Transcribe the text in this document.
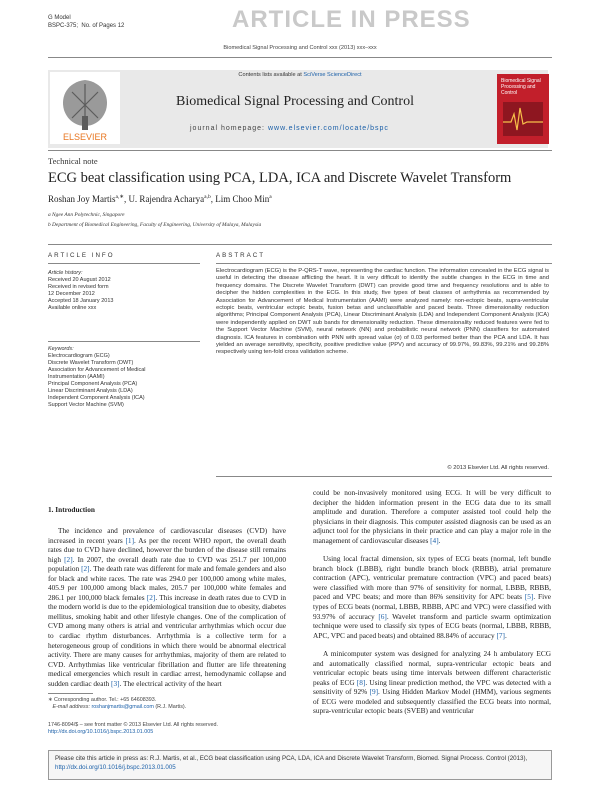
G Model
BSPC-375; No. of Pages 12	ARTICLE IN PRESS
Biomedical Signal Processing and Control xxx (2013) xxx–xxx
ELSEVIER
Contents lists available at SciVerse ScienceDirect
Biomedical Signal Processing and Control
journal homepage: www.elsevier.com/locate/bspc
Biomedical Signal Processing and Control
Technical note
ECG beat classification using PCA, LDA, ICA and Discrete Wavelet Transform
Roshan Joy Martis$^{a,∗}$, U. Rajendra Acharya$^{a,b}$, Lim Choo Min$^a$
a Ngee Ann Polytechnic, Singapore
b Department of Biomedical Engineering, Faculty of Engineering, University of Malaya, Malaysia
ARTICLE INFO	ABSTRACT
Article history:
Received 20 August 2012
Received in revised form
12 December 2012
Accepted 18 January 2013
Available online xxx
Keywords:
Electrocardiogram (ECG)
Discrete Wavelet Transform (DWT)
Association for Advancement of Medical
Instrumentation (AAMI)
Principal Component Analysis (PCA)
Linear Discriminant Analysis (LDA)
Independent Component Analysis (ICA)
Support Vector Machine (SVM)
Electrocardiogram (ECG) is the P-QRS-T wave, representing the cardiac function. The information concealed in the ECG signal is useful in detecting the disease afflicting the heart. It is very difficult to identify the subtle changes in the ECG in time and frequency domains. The Discrete Wavelet Transform (DWT) can provide good time and frequency resolutions and is able to decipher the hidden complexities in the ECG. In this study, five types of beat classes of arrhythmia as recommended by Association for Advancement of Medical Instrumentation (AAMI) were analyzed namely: non-ectopic beats, supra-ventricular ectopic beats, ventricular ectopic beats, fusion betas and unclassifiable and paced beats. Three dimensionality reduction algorithms; Principal Component Analysis (PCA), Linear Discriminant Analysis (LDA) and Independent Component Analysis (ICA) were independently applied on DWT sub bands for dimensionality reduction. These dimensionality reduced features were fed to the Support Vector Machine (SVM), neural network (NN) and probabilistic neural network (PNN) classifiers for automated diagnosis. ICA features in combination with PNN with spread value (σ) of 0.03 performed better than the PCA and LDA. It has yielded an average sensitivity, specificity, positive predictive value (PPV) and accuracy of 99.97%, 99.83%, 99.21% and 99.28% respectively using ten-fold cross validation scheme.
© 2013 Elsevier Ltd. All rights reserved.
1. Introduction

The incidence and prevalence of cardiovascular diseases (CVD) have increased in recent years [1]. As per the recent WHO report, the overall death rates due to CVD have declined, however the burden of the disease still remains high [2]. In 2007, the overall death rate due to CVD was 251.7 per 100,000 population [2]. The death rate was different for male and female genders and also for black and white races. The rate was 294.0 per 100,000 among white males, 405.9 per 100,000 among black males, 205.7 per 100,000 white females and 286.1 per 100,000 black females [2]. This increase in death rates due to CVD in the modern world is due to the epidemiological transition due to obesity, diabetes mellitus, smoking habit and other lifestyle changes. One of the complication of CVD among many others is atrial and ventricular arrhythmias which occur due to cardiac rhythm disturbances. Arrhythmia is a collective term for a heterogeneous group of conditions in which there would be abnormal electrical activity. There are many causes for arrhythmias, majority of them are related to CVD. Arrhythmias like ventricular fibrillation and flutter are life threatening medical emergencies which result in cardiac arrest, hemodynamic collapse and sudden cardiac death [3]. The electrical activity of the heart

could be non-invasively monitored using ECG. It will be very difficult to decipher the hidden information present in the ECG data due to its small amplitude and duration. Therefore a computer assisted tool could help the physicians in their diagnosis. This computer assisted diagnosis can be used as an adjunct tool for the physicians in their practice and can play a major role in the management of cardiovascular diseases [4].

Using local fractal dimension, six types of ECG beats (normal, left bundle branch block (LBBB), right bundle branch block (RBBB), atrial premature contraction (APC), ventricular premature contraction (VPC) and paced beats) were classified with more than 97% of sensitivity for normal, LBBB, RBBB, paced and VPC beats; and more than 86% sensitivity for APC beats [5]. Five types of ECG beats (normal, LBBB, RBBB, APC and VPC) were classified with 93.97% of accuracy [6]. Wavelet transform and particle swarm optimization technique were used to classify six types of ECG beats (normal, LBBB, RBBB, APC, VPC and paced beats) and obtained 88.84% of accuracy [7].

A minicomputer system was designed for analyzing 24 h ambulatory ECG and automatically classified normal, supra-ventricular ectopic beats and ventricular ectopic beats using time intervals between different characteristic peaks of ECG [8]. Using linear prediction method, the VPC was detected with a sensitivity of 92% [9]. Using Hidden Markov Model (HMM), various segments of ECG were modeled and subsequently classified the ECG beats into normal, supra-ventricular ectopic beats (SVEB) and ventricular

∗ Corresponding author. Tel.: +65 64608393.
E-mail address: roshanjmartis@gmail.com (R.J. Martis).
1746-8094/$ – see front matter © 2013 Elsevier Ltd. All rights reserved.
http://dx.doi.org/10.1016/j.bspc.2013.01.005
Please cite this article in press as: R.J. Martis, et al., ECG beat classification using PCA, LDA, ICA and Discrete Wavelet Transform, Biomed. Signal Process. Control (2013), http://dx.doi.org/10.1016/j.bspc.2013.01.005
